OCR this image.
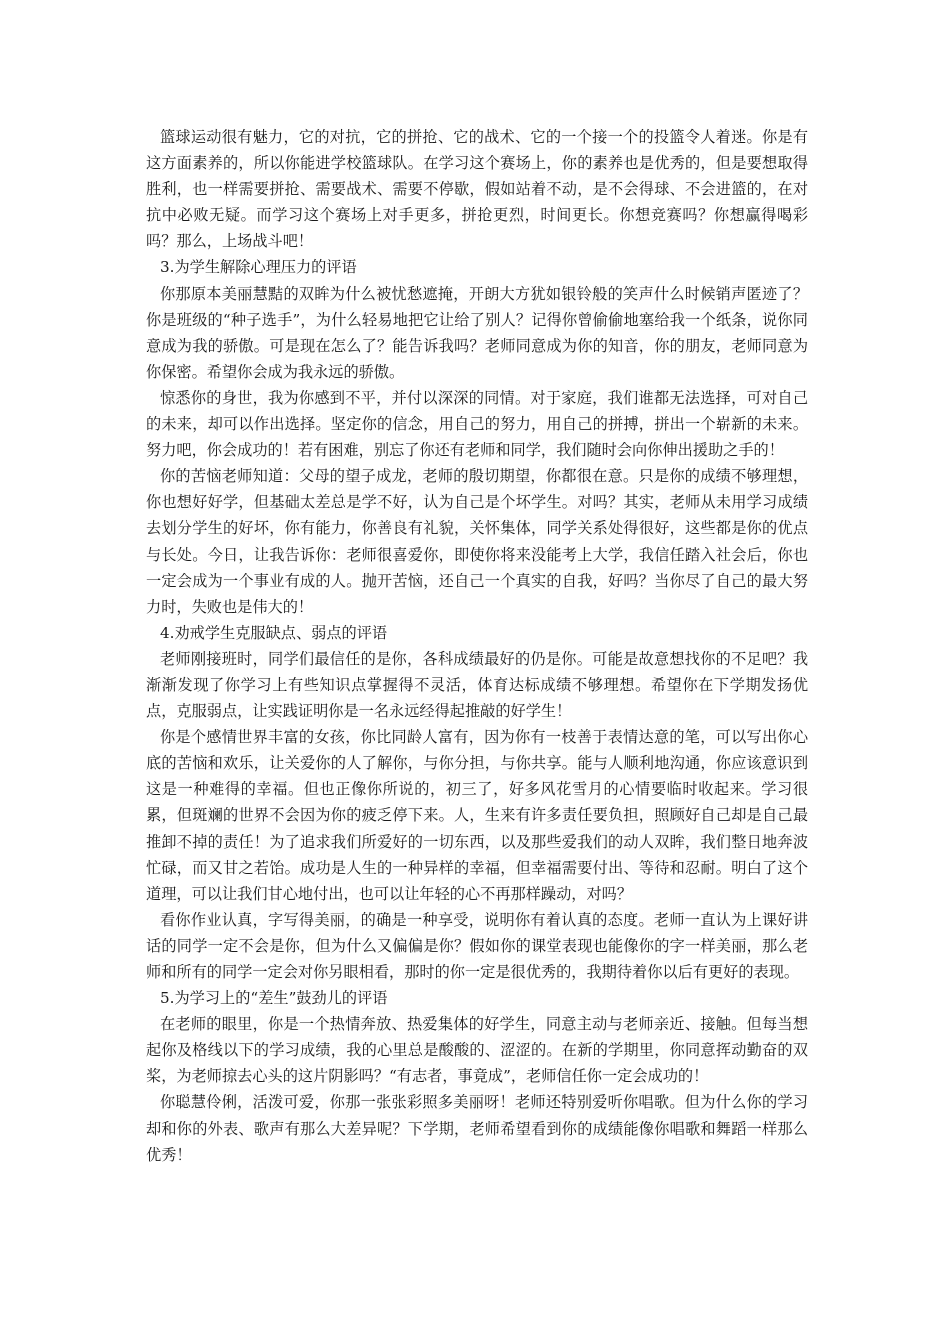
篮球运动很有魅力，它的对抗，它的拼抢、它的战术、它的一个接一个的投篮令人着迷。你是有这方面素养的，所以你能进学校篮球队。在学习这个赛场上，你的素养也是优秀的，但是要想取得胜利，也一样需要拼抢、需要战术、需要不停歇，假如站着不动，是不会得球、不会进篮的，在对抗中必败无疑。而学习这个赛场上对手更多，拼抢更烈，时间更长。你想竞赛吗？你想赢得喝彩吗？那么，上场战斗吧！

3.为学生解除心理压力的评语

你那原本美丽慧黠的双眸为什么被忧愁遮掩，开朗大方犹如银铃般的笑声什么时候销声匿迹了？你是班级的“种子选手”，为什么轻易地把它让给了别人？记得你曾偷偷地塞给我一个纸条，说你同意成为我的骄傲。可是现在怎么了？能告诉我吗？老师同意成为你的知音，你的朋友，老师同意为你保密。希望你会成为我永远的骄傲。

惊悉你的身世，我为你感到不平，并付以深深的同情。对于家庭，我们谁都无法选择，可对自己的未来，却可以作出选择。坚定你的信念，用自己的努力，用自己的拼搏，拼出一个崭新的未来。努力吧，你会成功的！若有困难，别忘了你还有老师和同学，我们随时会向你伸出援助之手的！

你的苦恼老师知道：父母的望子成龙，老师的殷切期望，你都很在意。只是你的成绩不够理想，你也想好好学，但基础太差总是学不好，认为自己是个坏学生。对吗？其实，老师从未用学习成绩去划分学生的好坏，你有能力，你善良有礼貌，关怀集体，同学关系处得很好，这些都是你的优点与长处。今日，让我告诉你：老师很喜爱你，即使你将来没能考上大学，我信任踏入社会后，你也一定会成为一个事业有成的人。抛开苦恼，还自己一个真实的自我，好吗？当你尽了自己的最大努力时，失败也是伟大的！

4.劝戒学生克服缺点、弱点的评语

老师刚接班时，同学们最信任的是你，各科成绩最好的仍是你。可能是故意想找你的不足吧？我渐渐发现了你学习上有些知识点掌握得不灵活，体育达标成绩不够理想。希望你在下学期发扬优点，克服弱点，让实践证明你是一名永远经得起推敲的好学生！

你是个感情世界丰富的女孩，你比同龄人富有，因为你有一枝善于表情达意的笔，可以写出你心底的苦恼和欢乐，让关爱你的人了解你，与你分担，与你共享。能与人顺利地沟通，你应该意识到这是一种难得的幸福。但也正像你所说的，初三了，好多风花雪月的心情要临时收起来。学习很累，但斑斓的世界不会因为你的疲乏停下来。人，生来有许多责任要负担，照顾好自己却是自己最推卸不掉的责任！为了追求我们所爱好的一切东西，以及那些爱我们的动人双眸，我们整日地奔波忙碌，而又甘之若饴。成功是人生的一种异样的幸福，但幸福需要付出、等待和忍耐。明白了这个道理，可以让我们甘心地付出，也可以让年轻的心不再那样躁动，对吗？

看你作业认真，字写得美丽，的确是一种享受，说明你有着认真的态度。老师一直认为上课好讲话的同学一定不会是你，但为什么又偏偏是你？假如你的课堂表现也能像你的字一样美丽，那么老师和所有的同学一定会对你另眼相看，那时的你一定是很优秀的，我期待着你以后有更好的表现。

5.为学习上的“差生”鼓劲儿的评语

在老师的眼里，你是一个热情奔放、热爱集体的好学生，同意主动与老师亲近、接触。但每当想起你及格线以下的学习成绩，我的心里总是酸酸的、涩涩的。在新的学期里，你同意挥动勤奋的双桨，为老师掠去心头的这片阴影吗？“有志者，事竟成”，老师信任你一定会成功的！

你聪慧伶俐，活泼可爱，你那一张张彩照多美丽呀！老师还特别爱听你唱歌。但为什么你的学习却和你的外表、歌声有那么大差异呢？下学期，老师希望看到你的成绩能像你唱歌和舞蹈一样那么优秀！
